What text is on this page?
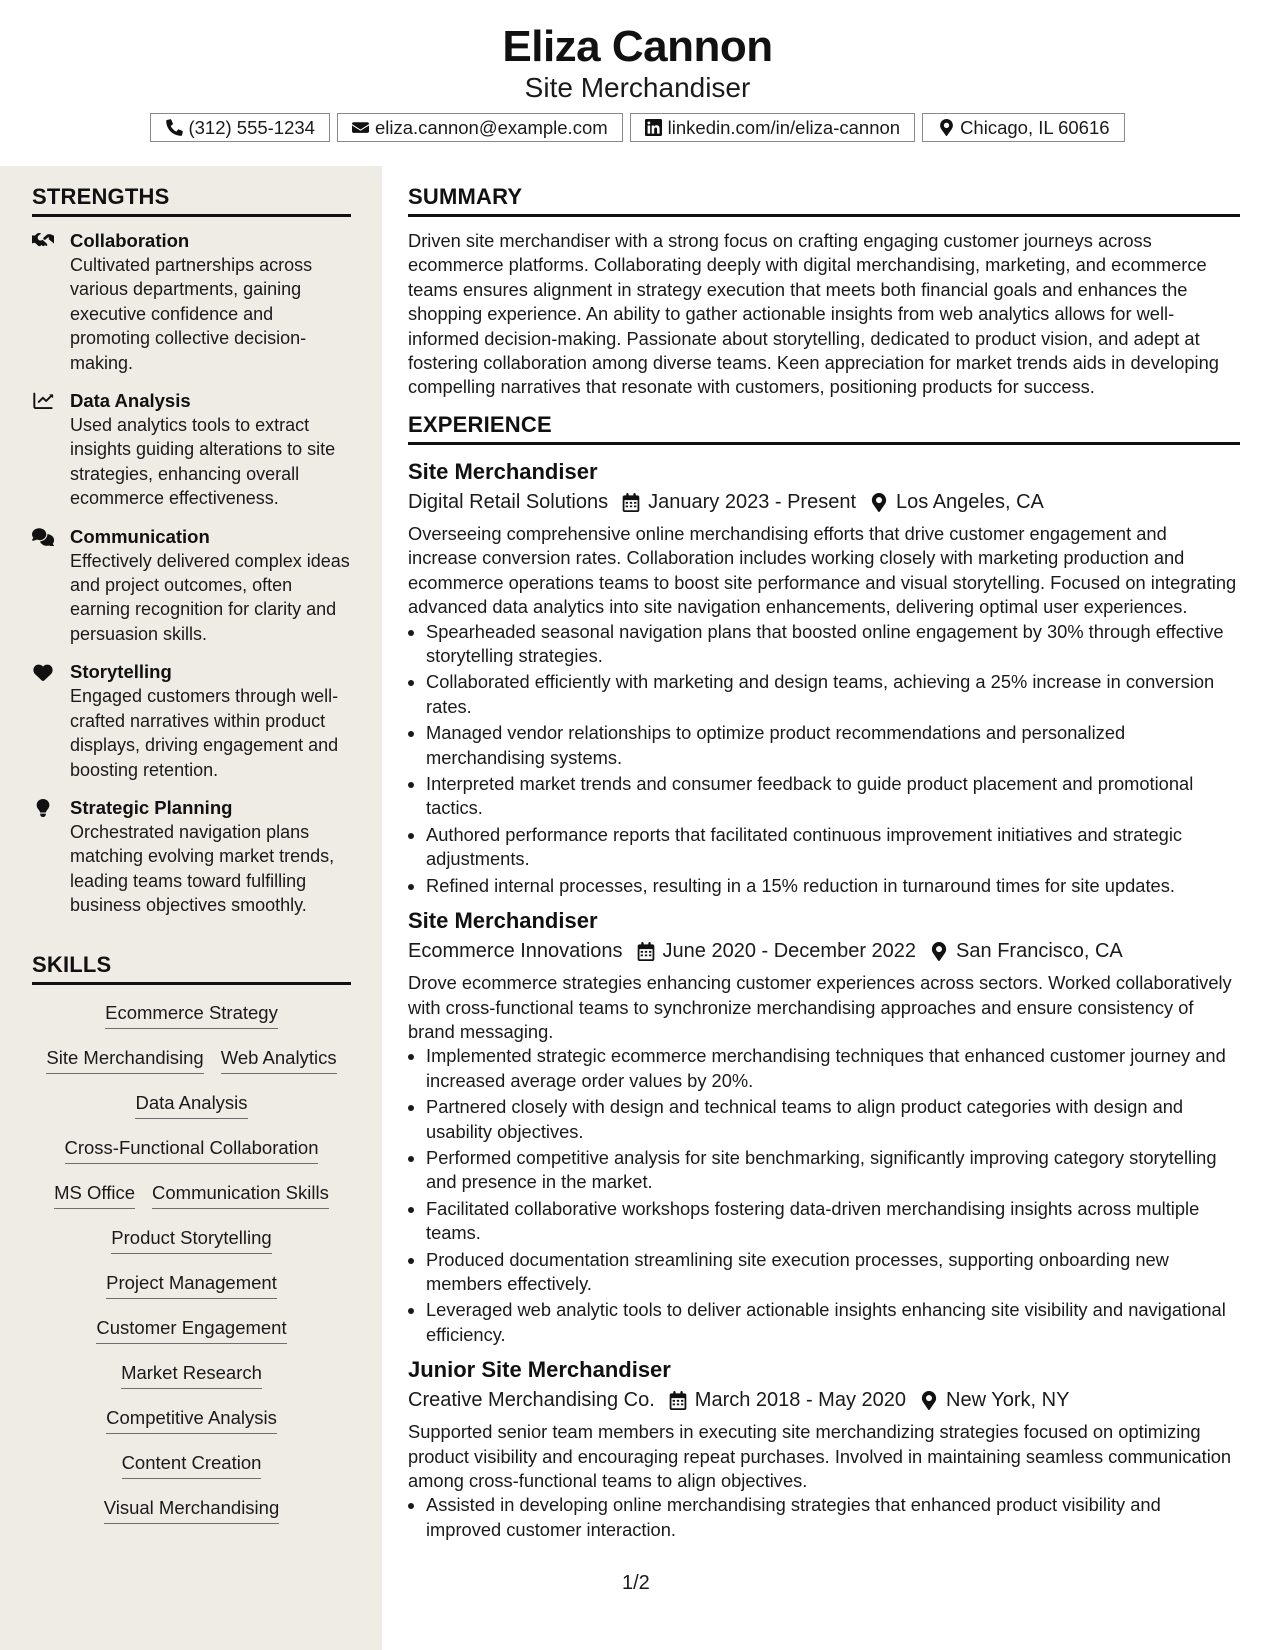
Eliza Cannon
Site Merchandiser
(312) 555-1234	eliza.cannon@example.com	linkedin.com/in/eliza-cannon	Chicago, IL 60616
STRENGTHS
Collaboration
Cultivated partnerships across various departments, gaining executive confidence and promoting collective decision-making.
Data Analysis
Used analytics tools to extract insights guiding alterations to site strategies, enhancing overall ecommerce effectiveness.
Communication
Effectively delivered complex ideas and project outcomes, often earning recognition for clarity and persuasion skills.
Storytelling
Engaged customers through well-crafted narratives within product displays, driving engagement and boosting retention.
Strategic Planning
Orchestrated navigation plans matching evolving market trends, leading teams toward fulfilling business objectives smoothly.
SKILLS
Ecommerce Strategy
Site Merchandising Web Analytics
Data Analysis
Cross-Functional Collaboration
MS Office Communication Skills
Product Storytelling
Project Management
Customer Engagement
Market Research
Competitive Analysis
Content Creation
Visual Merchandising
SUMMARY
Driven site merchandiser with a strong focus on crafting engaging customer journeys across ecommerce platforms. Collaborating deeply with digital merchandising, marketing, and ecommerce teams ensures alignment in strategy execution that meets both financial goals and enhances the shopping experience. An ability to gather actionable insights from web analytics allows for well-informed decision-making. Passionate about storytelling, dedicated to product vision, and adept at fostering collaboration among diverse teams. Keen appreciation for market trends aids in developing compelling narratives that resonate with customers, positioning products for success.
EXPERIENCE
Site Merchandiser
Digital Retail Solutions January 2023 - Present Los Angeles, CA
Overseeing comprehensive online merchandising efforts that drive customer engagement and increase conversion rates. Collaboration includes working closely with marketing production and ecommerce operations teams to boost site performance and visual storytelling. Focused on integrating advanced data analytics into site navigation enhancements, delivering optimal user experiences.
• Spearheaded seasonal navigation plans that boosted online engagement by 30% through effective storytelling strategies.
• Collaborated efficiently with marketing and design teams, achieving a 25% increase in conversion rates.
• Managed vendor relationships to optimize product recommendations and personalized merchandising systems.
• Interpreted market trends and consumer feedback to guide product placement and promotional tactics.
• Authored performance reports that facilitated continuous improvement initiatives and strategic adjustments.
• Refined internal processes, resulting in a 15% reduction in turnaround times for site updates.
Site Merchandiser
Ecommerce Innovations June 2020 - December 2022 San Francisco, CA
Drove ecommerce strategies enhancing customer experiences across sectors. Worked collaboratively with cross-functional teams to synchronize merchandising approaches and ensure consistency of brand messaging.
• Implemented strategic ecommerce merchandising techniques that enhanced customer journey and increased average order values by 20%.
• Partnered closely with design and technical teams to align product categories with design and usability objectives.
• Performed competitive analysis for site benchmarking, significantly improving category storytelling and presence in the market.
• Facilitated collaborative workshops fostering data-driven merchandising insights across multiple teams.
• Produced documentation streamlining site execution processes, supporting onboarding new members effectively.
• Leveraged web analytic tools to deliver actionable insights enhancing site visibility and navigational efficiency.
Junior Site Merchandiser
Creative Merchandising Co. March 2018 - May 2020 New York, NY
Supported senior team members in executing site merchandizing strategies focused on optimizing product visibility and encouraging repeat purchases. Involved in maintaining seamless communication among cross-functional teams to align objectives.
• Assisted in developing online merchandising strategies that enhanced product visibility and improved customer interaction.
1/2
